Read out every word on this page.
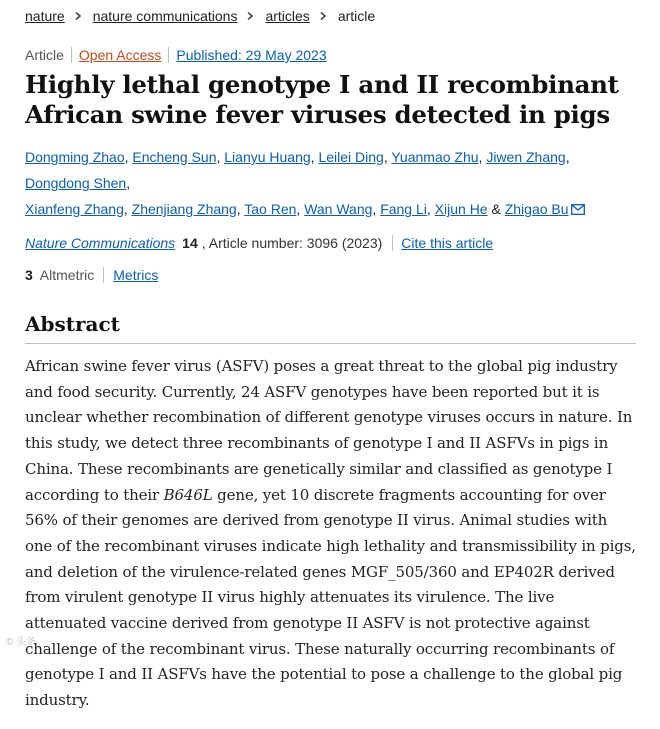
nature nature communications articles article
Article Open Access Published: 29 May 2023
Highly lethal genotype I and II recombinant African swine fever viruses detected in pigs
Dongming Zhao, Encheng Sun, Lianyu Huang, Leilei Ding, Yuanmao Zhu, Jiwen Zhang, Dongdong Shen,
Xianfeng Zhang, Zhenjiang Zhang, Tao Ren, Wan Wang, Fang Li, Xijun He & Zhigao Bu
Nature Communications 14 , Article number: 3096 (2023) Cite this article
3 Altmetric Metrics
Abstract

African swine fever virus (ASFV) poses a great threat to the global pig industry and food security. Currently, 24 ASFV genotypes have been reported but it is unclear whether recombination of different genotype viruses occurs in nature. In this study, we detect three recombinants of genotype I and II ASFVs in pigs in China. These recombinants are genetically similar and classified as genotype I according to their B646L gene, yet 10 discrete fragments accounting for over 56% of their genomes are derived from genotype II virus. Animal studies with one of the recombinant viruses indicate high lethality and transmissibility in pigs, and deletion of the virulence-related genes MGF_505/360 and EP402R derived from virulent genotype II virus highly attenuates its virulence. The live attenuated vaccine derived from genotype II ASFV is not protective against challenge of the recombinant virus. These naturally occurring recombinants of genotype I and II ASFVs have the potential to pose a challenge to the global pig industry.

© 头条
